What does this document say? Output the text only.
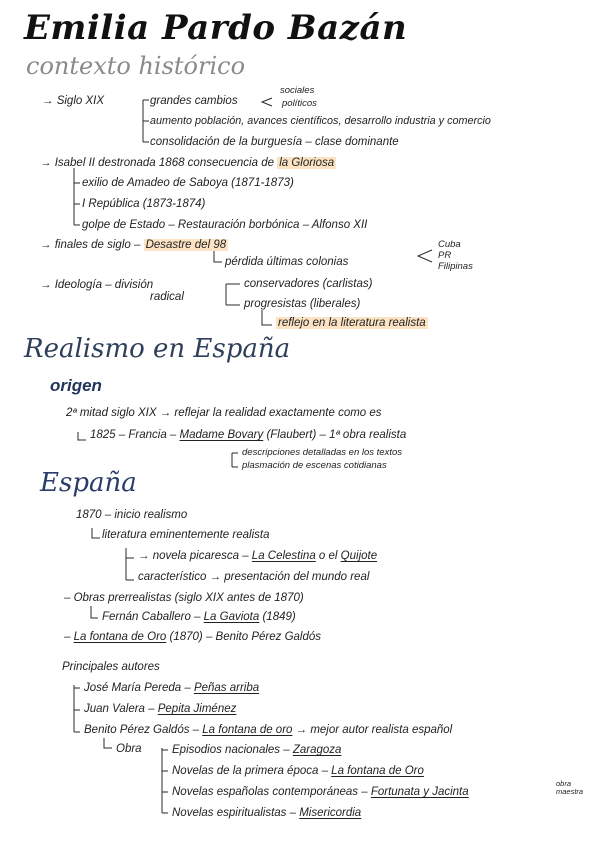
Emilia Pardo Bazán
contexto histórico
→ Siglo XIX	grandes cambios
sociales
políticos
aumento población, avances científicos, desarrollo industria y comercio
consolidación de la burguesía – clase dominante
→ Isabel II destronada 1868 consecuencia de la Gloriosa
exilio de Amadeo de Saboya (1871-1873)
I República (1873-1874)
golpe de Estado – Restauración borbónica – Alfonso XII
→ finales de siglo – Desastre del 98
pérdida últimas colonias
Cuba
PR
Filipinas
→ Ideología – división
radical
conservadores (carlistas)
progresistas (liberales)
reflejo en la literatura realista
Realismo en España
origen
2ª mitad siglo XIX → reflejar la realidad exactamente como es
1825 – Francia – Madame Bovary (Flaubert) – 1ª obra realista
descripciones detalladas en los textos
plasmación de escenas cotidianas
España
1870 – inicio realismo
literatura eminentemente realista
→ novela picaresca – La Celestina o el Quijote
característico → presentación del mundo real
– Obras prerrealistas (siglo XIX antes de 1870)
Fernán Caballero – La Gaviota (1849)
– La fontana de Oro (1870) – Benito Pérez Galdós
Principales autores
José María Pereda – Peñas arriba
Juan Valera – Pepita Jiménez
Benito Pérez Galdós – La fontana de oro → mejor autor realista español
Obra	Episodios nacionales – Zaragoza
Novelas de la primera época – La fontana de Oro
Novelas españolas contemporáneas – Fortunata y Jacinta
obra maestra
Novelas espiritualistas – Misericordia
